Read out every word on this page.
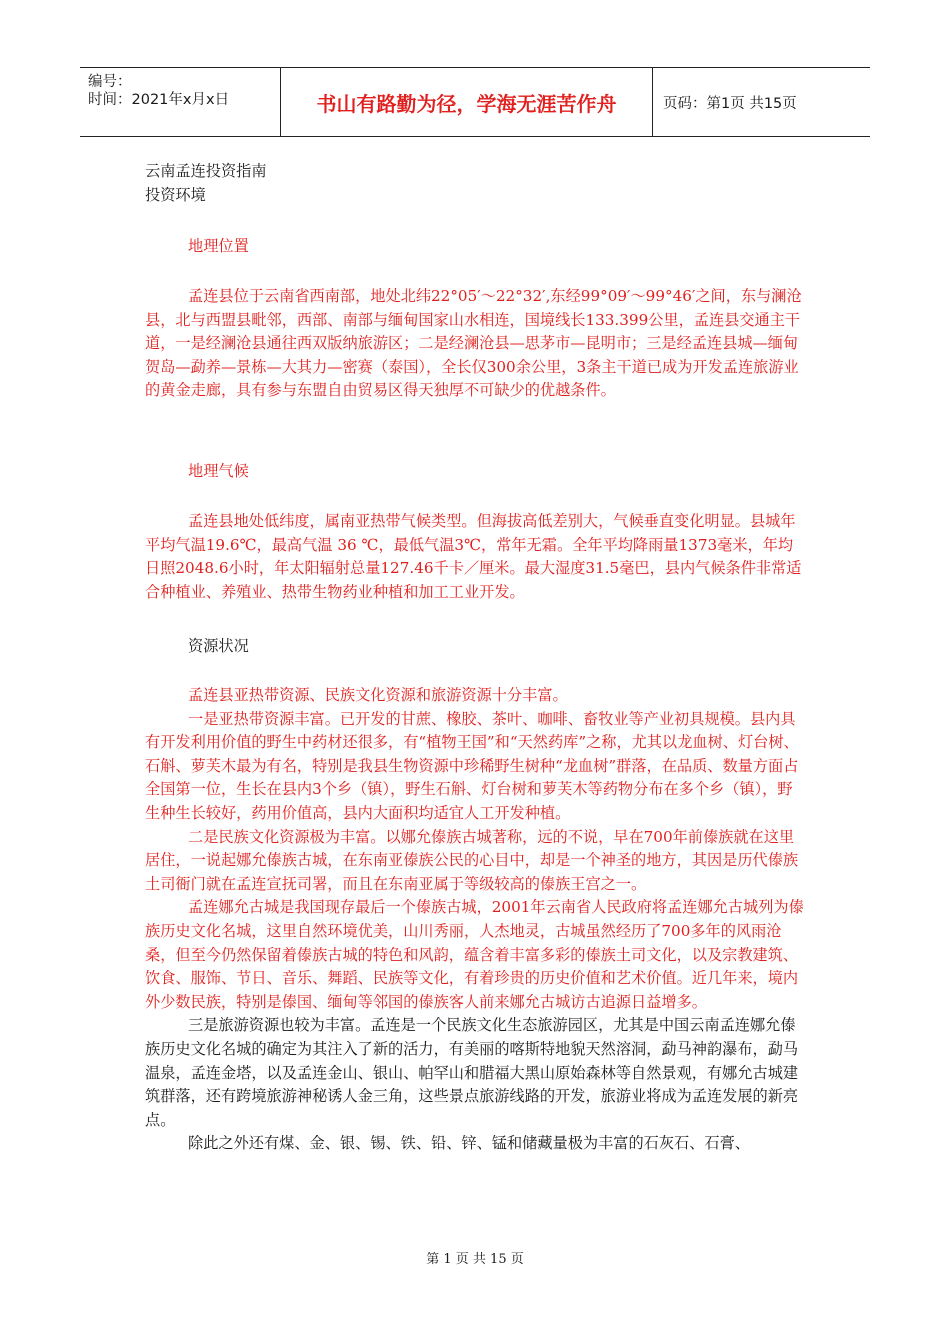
编号：
时间：2021年x月x日	书山有路勤为径，学海无涯苦作舟	页码：第1页 共15页
云南孟连投资指南
投资环境
地理位置
孟连县位于云南省西南部，地处北纬22°05′～22°32′,东经99°09′～99°46′之间，东与澜沧县，北与西盟县毗邻，西部、南部与缅甸国家山水相连，国境线长133.399公里，孟连县交通主干道，一是经澜沧县通往西双版纳旅游区；二是经澜沧县—思茅市—昆明市；三是经孟连县城—缅甸贺岛—勐养—景栋—大其力—密赛（泰国），全长仅300余公里，3条主干道已成为开发孟连旅游业的黄金走廊，具有参与东盟自由贸易区得天独厚不可缺少的优越条件。
地理气候
孟连县地处低纬度，属南亚热带气候类型。但海拔高低差别大，气候垂直变化明显。县城年平均气温19.6℃，最高气温 36 ℃，最低气温3℃，常年无霜。全年平均降雨量1373毫米，年均日照2048.6小时，年太阳辐射总量127.46千卡／厘米。最大湿度31.5毫巴，县内气候条件非常适合种植业、养殖业、热带生物药业种植和加工工业开发。
资源状况

孟连县亚热带资源、民族文化资源和旅游资源十分丰富。

一是亚热带资源丰富。已开发的甘蔗、橡胶、茶叶、咖啡、畜牧业等产业初具规模。县内具有开发利用价值的野生中药材还很多，有“植物王国”和“天然药库”之称，尤其以龙血树、灯台树、石斛、萝芙木最为有名，特别是我县生物资源中珍稀野生树种“龙血树”群落，在品质、数量方面占全国第一位，生长在县内3个乡（镇），野生石斛、灯台树和萝芙木等药物分布在多个乡（镇），野生种生长较好，药用价值高，县内大面积均适宜人工开发种植。

二是民族文化资源极为丰富。以娜允傣族古城著称，远的不说，早在700年前傣族就在这里居住，一说起娜允傣族古城，在东南亚傣族公民的心目中，却是一个神圣的地方，其因是历代傣族土司衙门就在孟连宣抚司署，而且在东南亚属于等级较高的傣族王宫之一。

孟连娜允古城是我国现存最后一个傣族古城，2001年云南省人民政府将孟连娜允古城列为傣族历史文化名城，这里自然环境优美，山川秀丽，人杰地灵，古城虽然经历了700多年的风雨沧桑，但至今仍然保留着傣族古城的特色和风韵，蕴含着丰富多彩的傣族土司文化，以及宗教建筑、饮食、服饰、节日、音乐、舞蹈、民族等文化，有着珍贵的历史价值和艺术价值。近几年来，境内外少数民族，特别是傣国、缅甸等邻国的傣族客人前来娜允古城访古追源日益增多。

三是旅游资源也较为丰富。孟连是一个民族文化生态旅游园区，尤其是中国云南孟连娜允傣族历史文化名城的确定为其注入了新的活力，有美丽的喀斯特地貌天然溶洞，勐马神韵瀑布，勐马温泉，孟连金塔，以及孟连金山、银山、帕罕山和腊福大黑山原始森林等自然景观，有娜允古城建筑群落，还有跨境旅游神秘诱人金三角，这些景点旅游线路的开发，旅游业将成为孟连发展的新亮点。

除此之外还有煤、金、银、锡、铁、铅、锌、锰和储藏量极为丰富的石灰石、石膏、

第 1 页 共 15 页
